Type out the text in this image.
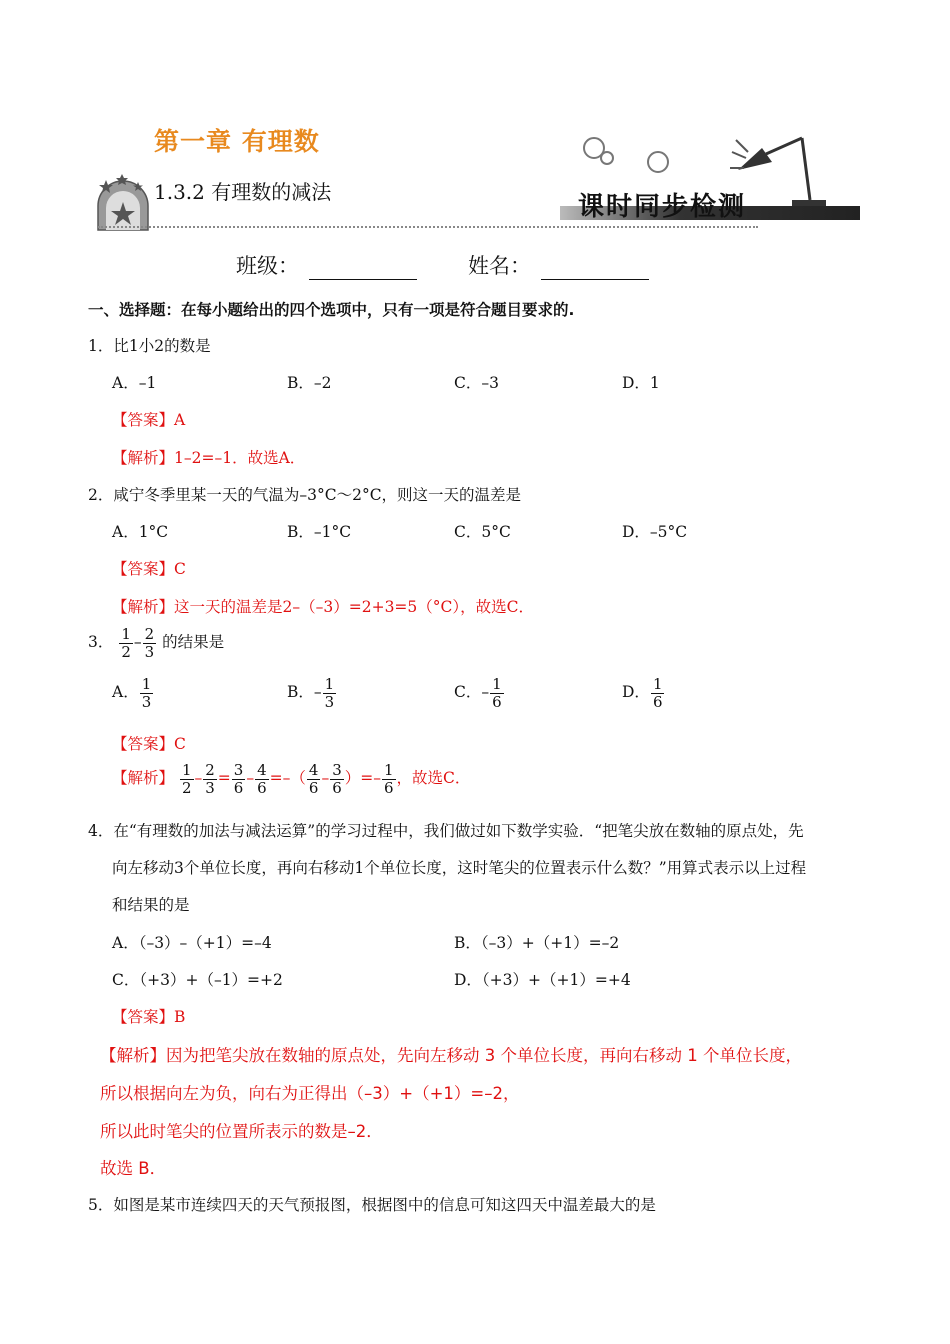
第一章 有理数
1.3.2 有理数的减法	课时同步检测
班级：	姓名：
一、选择题：在每小题给出的四个选项中，只有一项是符合题目要求的.
1．比1小2的数是
A．–1	B．–2	C．–3	D．1
【答案】A
【解析】1–2=–1．故选A．
2．咸宁冬季里某一天的气温为–3°C～2°C，则这一天的温差是
A．1°C	B．–1°C	C．5°C	D．–5°C
【答案】C
【解析】这一天的温差是2–（–3）=2+3=5（°C），故选C．
3． $\frac{1}{2} - \frac{2}{3}$ 的结果是
A． $\frac{1}{3}$	B．– $\frac{1}{3}$	C．– $\frac{1}{6}$	D． $\frac{1}{6}$
【答案】C
【解析】 $\frac{1}{2} - \frac{2}{3} = \frac{3}{6} - \frac{4}{6}$ =–（ $\frac{4}{6} - \frac{3}{6}$ ）=– $\frac{1}{6}$ ，故选C．
4．在“有理数的加法与减法运算”的学习过程中，我们做过如下数学实验．“把笔尖放在数轴的原点处，先
向左移动3个单位长度，再向右移动1个单位长度，这时笔尖的位置表示什么数？”用算式表示以上过程
和结果的是
A．（–3）–（+1）=–4	B．（–3）+（+1）=–2
C．（+3）+（–1）=+2	D．（+3）+（+1）=+4
【答案】B
【解析】因为把笔尖放在数轴的原点处，先向左移动 3 个单位长度，再向右移动 1 个单位长度，
所以根据向左为负，向右为正得出（–3）+（+1）=–2，
所以此时笔尖的位置所表示的数是–2．
故选 B．
5．如图是某市连续四天的天气预报图，根据图中的信息可知这四天中温差最大的是
